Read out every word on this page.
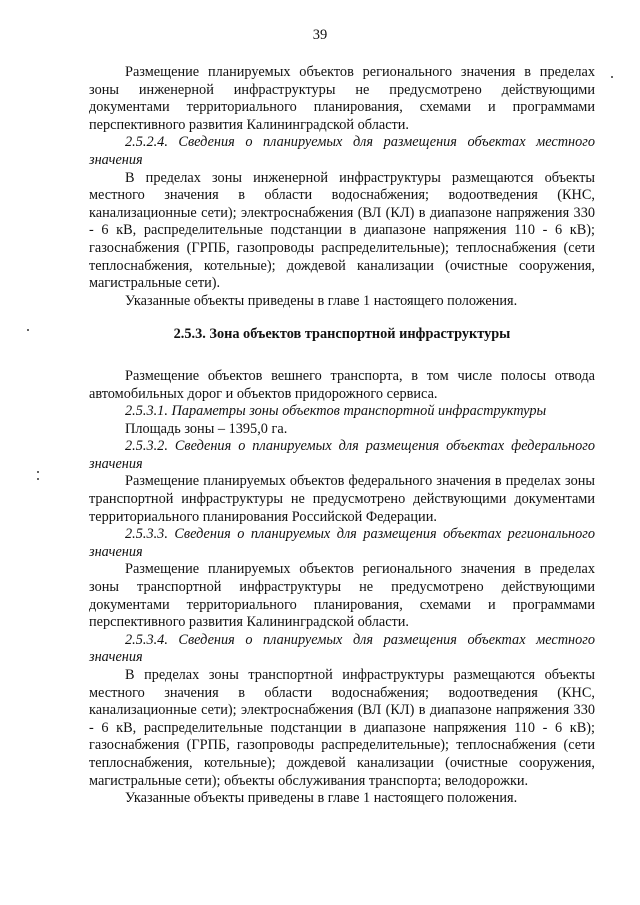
39

Размещение планируемых объектов регионального значения в пределах зоны инженерной инфраструктуры не предусмотрено действующими документами территориального планирования, схемами и программами перспективного развития Калининградской области.

2.5.2.4. Сведения о планируемых для размещения объектах местного значения

В пределах зоны инженерной инфраструктуры размещаются объекты местного значения в области водоснабжения; водоотведения (КНС, канализационные сети); электроснабжения (ВЛ (КЛ) в диапазоне напряжения 330 - 6 кВ, распределительные подстанции в диапазоне напряжения 110 - 6 кВ); газоснабжения (ГРПБ, газопроводы распределительные); теплоснабжения (сети теплоснабжения, котельные); дождевой канализации (очистные сооружения, магистральные сети).

Указанные объекты приведены в главе 1 настоящего положения.

2.5.3. Зона объектов транспортной инфраструктуры

Размещение объектов вешнего транспорта, в том числе полосы отвода автомобильных дорог и объектов придорожного сервиса.

2.5.3.1. Параметры зоны объектов транспортной инфраструктуры

Площадь зоны – 1395,0 га.

2.5.3.2. Сведения о планируемых для размещения объектах федерального значения

Размещение планируемых объектов федерального значения в пределах зоны транспортной инфраструктуры не предусмотрено действующими документами территориального планирования Российской Федерации.

2.5.3.3. Сведения о планируемых для размещения объектах регионального значения

Размещение планируемых объектов регионального значения в пределах зоны транспортной инфраструктуры не предусмотрено действующими документами территориального планирования, схемами и программами перспективного развития Калининградской области.

2.5.3.4. Сведения о планируемых для размещения объектах местного значения

В пределах зоны транспортной инфраструктуры размещаются объекты местного значения в области водоснабжения; водоотведения (КНС, канализационные сети); электроснабжения (ВЛ (КЛ) в диапазоне напряжения 330 - 6 кВ, распределительные подстанции в диапазоне напряжения 110 - 6 кВ); газоснабжения (ГРПБ, газопроводы распределительные); теплоснабжения (сети теплоснабжения, котельные); дождевой канализации (очистные сооружения, магистральные сети); объекты обслуживания транспорта; велодорожки.

Указанные объекты приведены в главе 1 настоящего положения.
